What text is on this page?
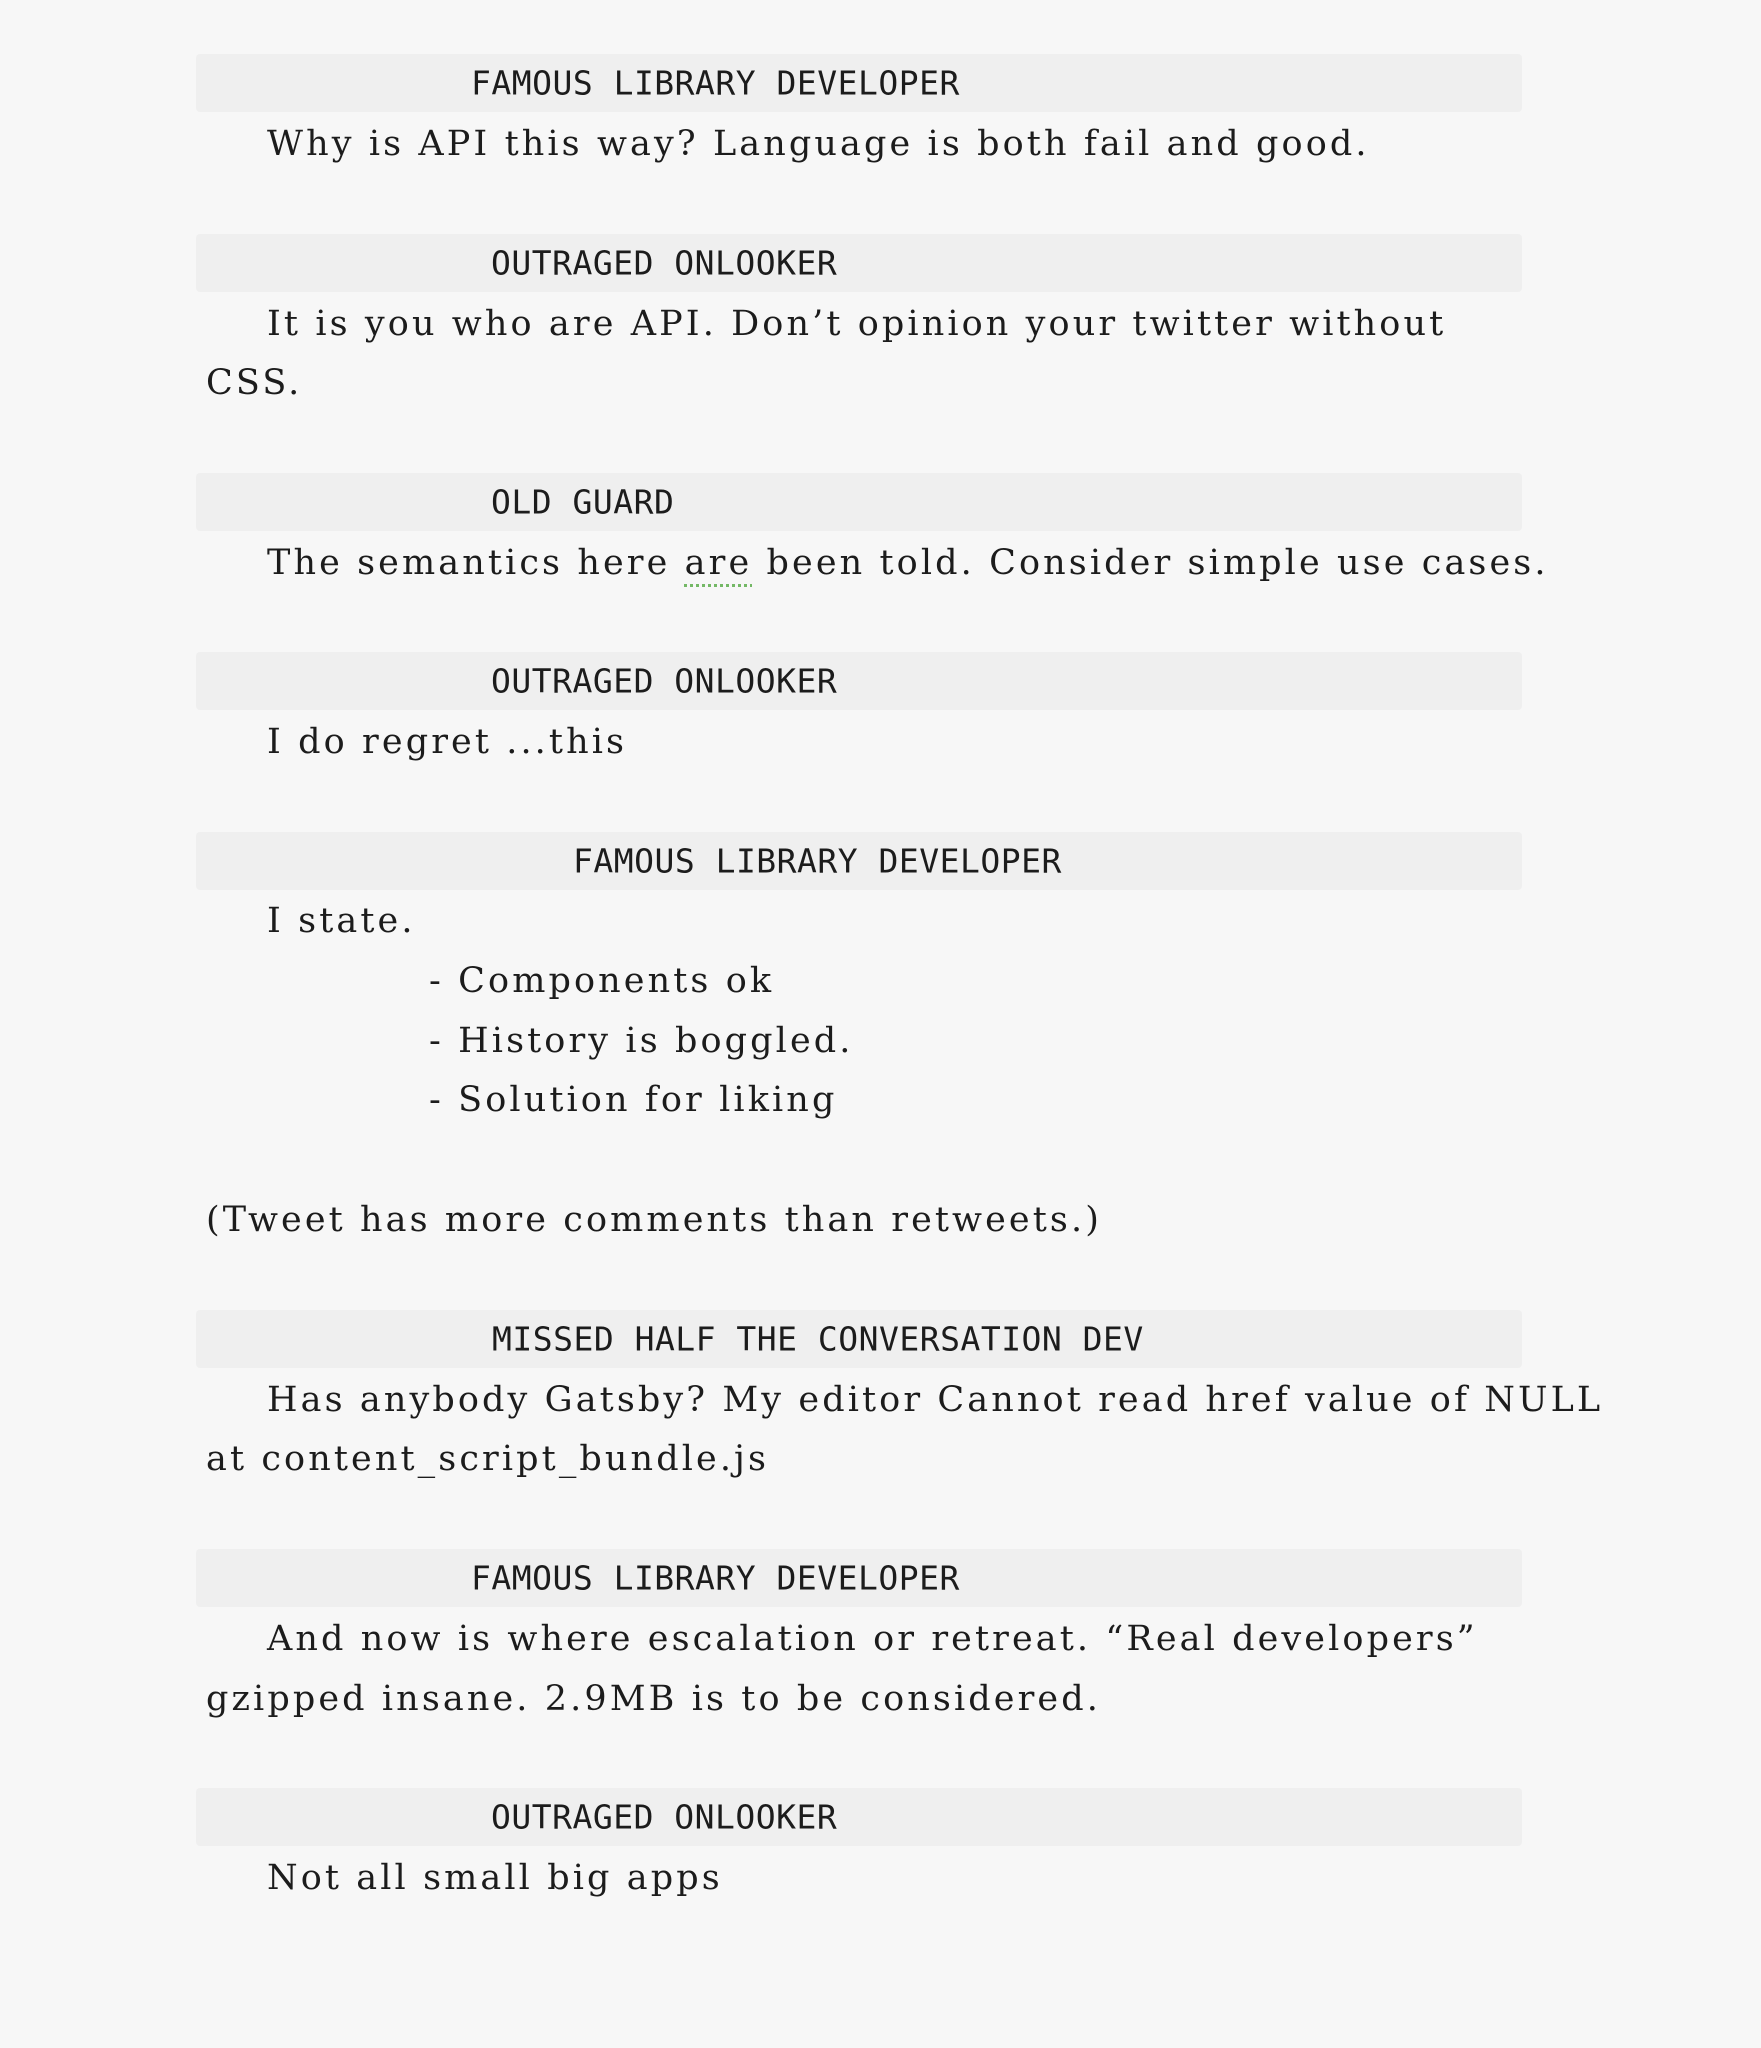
FAMOUS LIBRARY DEVELOPER
Why is API this way? Language is both fail and good.
OUTRAGED ONLOOKER
It is you who are API. Don’t opinion your twitter without
CSS.
OLD GUARD
The semantics here are been told. Consider simple use cases.
OUTRAGED ONLOOKER
I do regret ...this
FAMOUS LIBRARY DEVELOPER
I state.
- Components ok
- History is boggled.
- Solution for liking
(Tweet has more comments than retweets.)
MISSED HALF THE CONVERSATION DEV
Has anybody Gatsby? My editor Cannot read href value of NULL
at content_script_bundle.js
FAMOUS LIBRARY DEVELOPER
And now is where escalation or retreat. “Real developers”
gzipped insane. 2.9MB is to be considered.
OUTRAGED ONLOOKER
Not all small big apps
